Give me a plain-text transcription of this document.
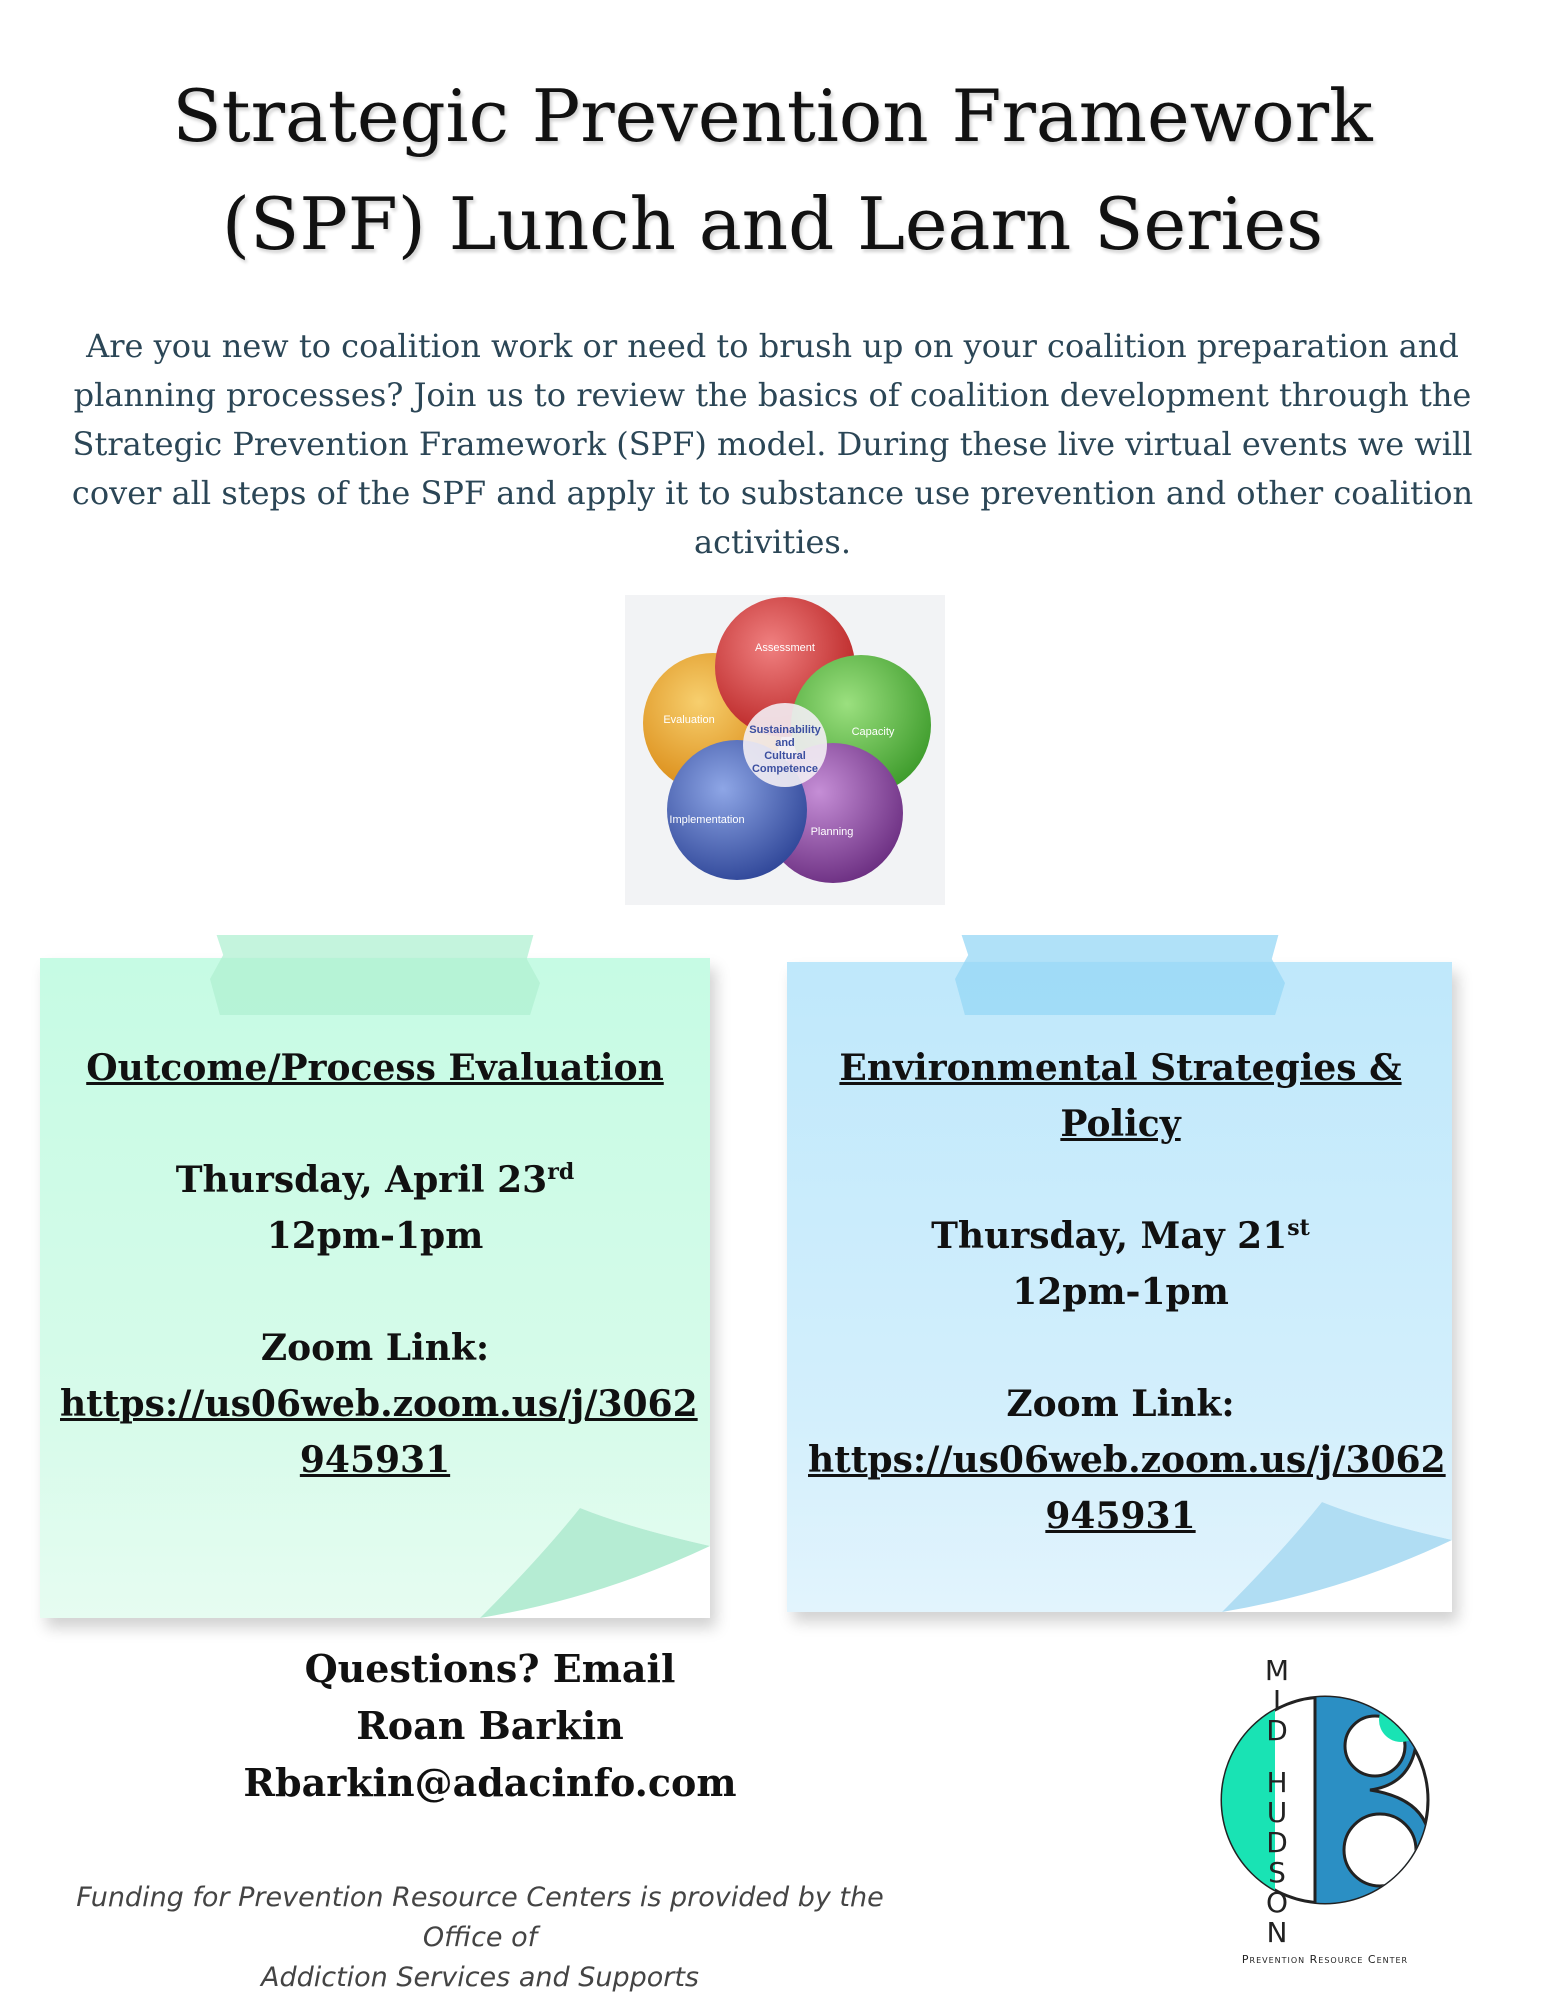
Strategic Prevention Framework
(SPF) Lunch and Learn Series
Are you new to coalition work or need to brush up on your coalition preparation and planning processes? Join us to review the basics of coalition development through the Strategic Prevention Framework (SPF) model. During these live virtual events we will cover all steps of the SPF and apply it to substance use prevention and other coalition activities.
Assessment
Capacity
Planning
Implementation
Evaluation
Sustainability
and
Cultural
Competence
Outcome/Process Evaluation
Thursday, April 23rd
12pm-1pm
Zoom Link:
https://us06web.zoom.us/j/3062
945931
Environmental Strategies &
Policy
Thursday, May 21st
12pm-1pm
Zoom Link:
https://us06web.zoom.us/j/3062
945931
Questions? Email
Roan Barkin
Rbarkin@adacinfo.com
Funding for Prevention Resource Centers is provided by the Office of
Addiction Services and Supports
M
I
D
H
U
D
S
O
N
Prevention Resource Center
